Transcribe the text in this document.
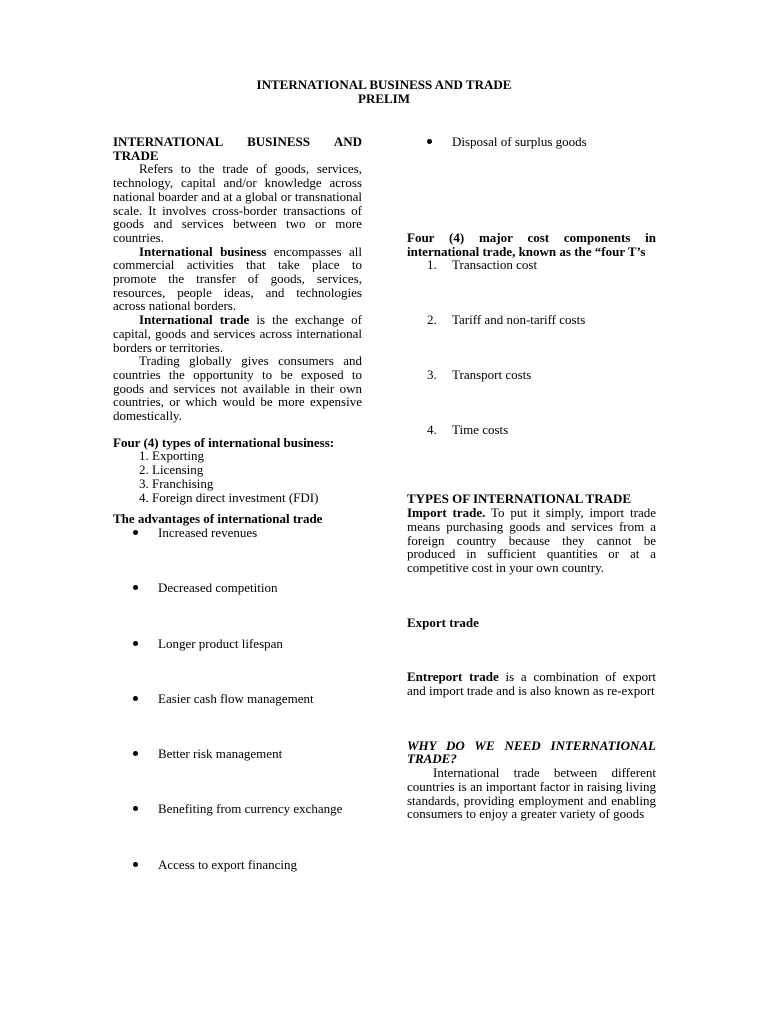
INTERNATIONAL BUSINESS AND TRADE
PRELIM

INTERNATIONAL BUSINESS AND TRADE

Refers to the trade of goods, services, technology, capital and/or knowledge across national boarder and at a global or transnational scale. It involves cross-border transactions of goods and services between two or more countries.

International business encompasses all commercial activities that take place to promote the transfer of goods, services, resources, people ideas, and technologies across national borders.

International trade is the exchange of capital, goods and services across international borders or territories.

Trading globally gives consumers and countries the opportunity to be exposed to goods and services not available in their own countries, or which would be more expensive domestically.

Four (4) types of international business:

1. Exporting
2. Licensing
3. Franchising
4. Foreign direct investment (FDI)

The advantages of international trade

Increased revenues
Decreased competition
Longer product lifespan
Easier cash flow management
Better risk management
Benefiting from currency exchange
Access to export financing
Disposal of surplus goods

Four (4) major cost components in international trade, known as the “four T’s

1. Transaction cost
2. Tariff and non-tariff costs
3. Transport costs
4. Time costs

TYPES OF INTERNATIONAL TRADE

Import trade. To put it simply, import trade means purchasing goods and services from a foreign country because they cannot be produced in sufficient quantities or at a competitive cost in your own country.

Export trade

Entreport trade is a combination of export and import trade and is also known as re-export

WHY DO WE NEED INTERNATIONAL TRADE?

International trade between different countries is an important factor in raising living standards, providing employment and enabling consumers to enjoy a greater variety of goods
